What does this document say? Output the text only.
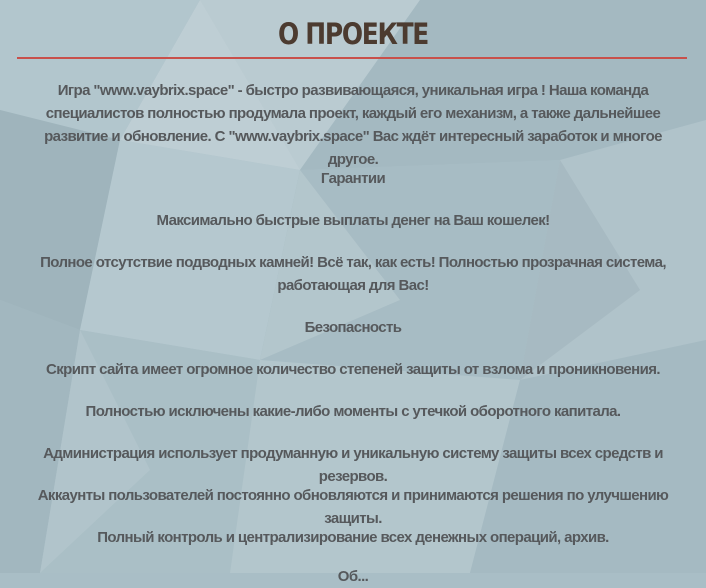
О ПРОЕКТЕ

Игра "www.vaybrix.space" - быстро развивающаяся, уникальная игра ! Наша команда специалистов полностью продумала проект, каждый его механизм, а также дальнейшее развитие и обновление. С "www.vaybrix.space" Вас ждёт интересный заработок и многое другое.

Гарантии

Максимально быстрые выплаты денег на Ваш кошелек!

Полное отсутствие подводных камней! Всё так, как есть! Полностью прозрачная система, работающая для Вас!

Безопасность

Скрипт сайта имеет огромное количество степеней защиты от взлома и проникновения.

Полностью исключены какие-либо моменты с утечкой оборотного капитала.

Администрация использует продуманную и уникальную систему защиты всех средств и резервов.

Аккаунты пользователей постоянно обновляются и принимаются решения по улучшению защиты.

Полный контроль и централизирование всех денежных операций, архив.

Об...
